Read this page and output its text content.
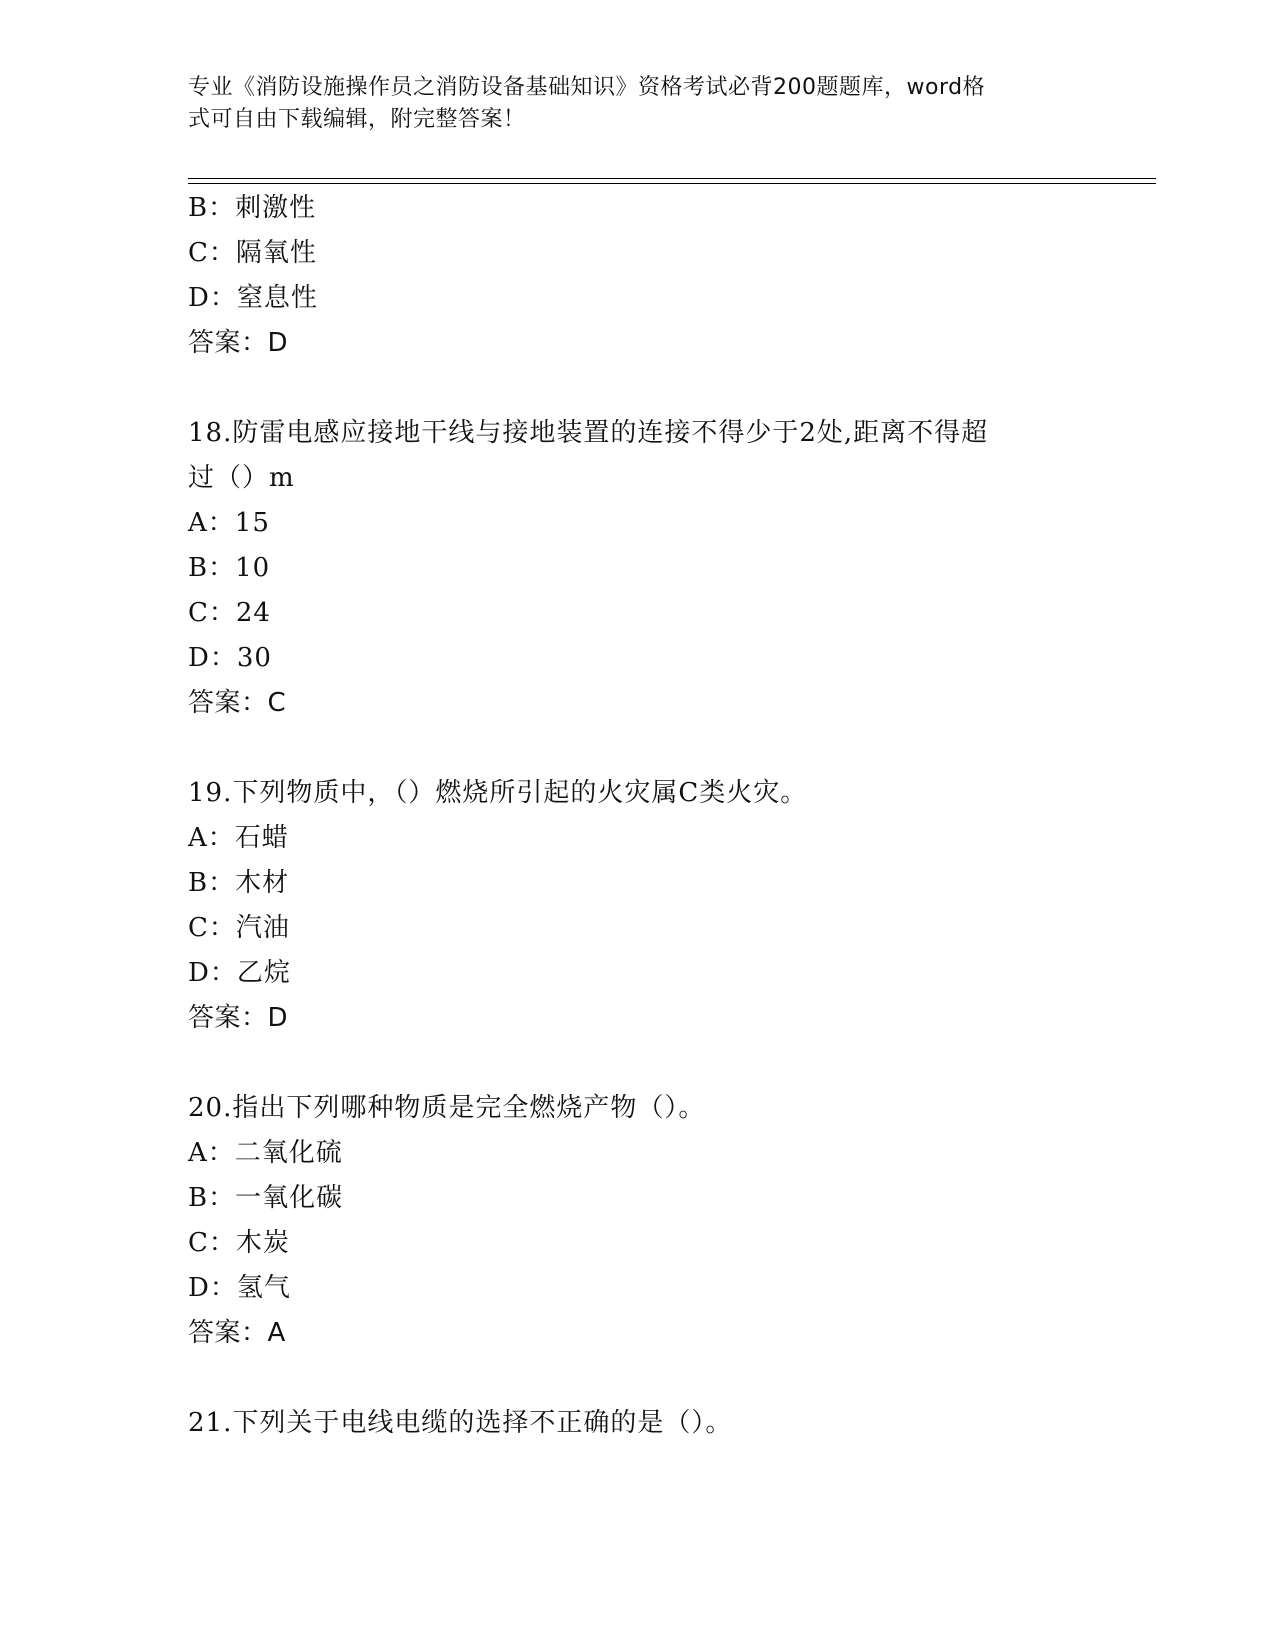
专业《消防设施操作员之消防设备基础知识》资格考试必背200题题库，word格
式可自由下载编辑，附完整答案！
B：刺激性
C：隔氧性
D：窒息性
答案：D
18.防雷电感应接地干线与接地装置的连接不得少于2处,距离不得超
过（）m
A：15
B：10
C：24
D：30
答案：C
19.下列物质中，（）燃烧所引起的火灾属C类火灾。
A：石蜡
B：木材
C：汽油
D：乙烷
答案：D
20.指出下列哪种物质是完全燃烧产物（）。
A：二氧化硫
B：一氧化碳
C：木炭
D：氢气
答案：A
21.下列关于电线电缆的选择不正确的是（）。
